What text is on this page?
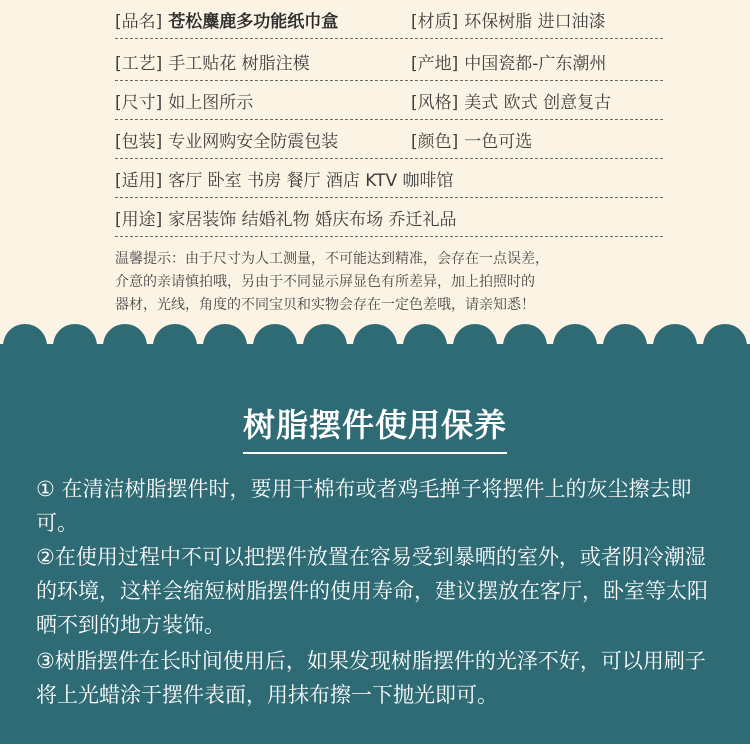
[品名] 苍松麋鹿多功能纸巾盒	[材质] 环保树脂 进口油漆
[工艺] 手工贴花 树脂注模	[产地] 中国瓷都-广东潮州
[尺寸] 如上图所示	[风格] 美式 欧式 创意复古
[包装] 专业网购安全防震包装	[颜色] 一色可选
[适用] 客厅 卧室 书房 餐厅 酒店 KTV 咖啡馆
[用途] 家居装饰 结婚礼物 婚庆布场 乔迁礼品
温馨提示：由于尺寸为人工测量，不可能达到精准，会存在一点误差，
介意的亲请慎拍哦，另由于不同显示屏显色有所差异，加上拍照时的
器材，光线，角度的不同宝贝和实物会存在一定色差哦，请亲知悉！
树脂摆件使用保养
① 在清洁树脂摆件时，要用干棉布或者鸡毛掸子将摆件上的灰尘擦去即可。
②在使用过程中不可以把摆件放置在容易受到暴晒的室外，或者阴冷潮湿的环境，这样会缩短树脂摆件的使用寿命，建议摆放在客厅，卧室等太阳晒不到的地方装饰。
③树脂摆件在长时间使用后，如果发现树脂摆件的光泽不好，可以用刷子将上光蜡涂于摆件表面，用抹布擦一下抛光即可。
